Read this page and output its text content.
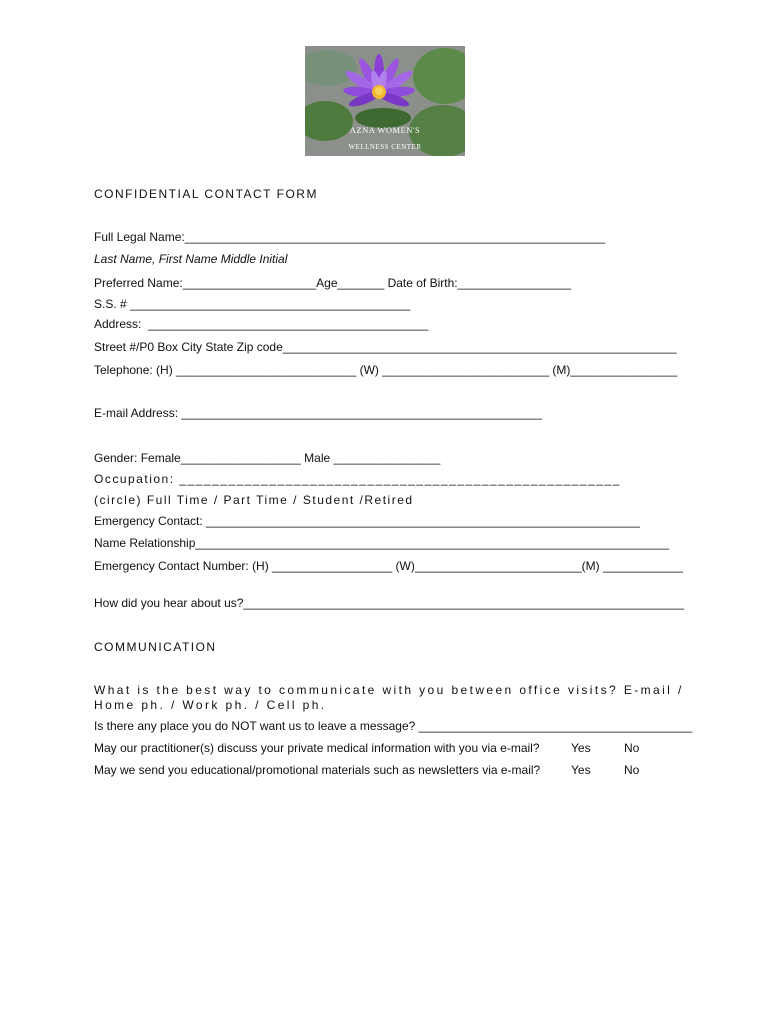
AZNA WOMEN'S
WELLNESS CENTER
CONFIDENTIAL CONTACT FORM
Full Legal Name:_______________________________________________________________
Last Name, First Name Middle Initial
Preferred Name:____________________Age_______ Date of Birth:_________________
S.S. # __________________________________________
Address:  __________________________________________
Street #/P0 Box City State Zip code___________________________________________________________
Telephone: (H) ___________________________ (W) _________________________ (M)________________
E-mail Address: ______________________________________________________
Gender: Female__________________ Male ________________
Occupation: ______________________________________________________
(circle) Full Time / Part Time / Student /Retired
Emergency Contact: _________________________________________________________________
Name Relationship_______________________________________________________________________
Emergency Contact Number: (H) __________________ (W)_________________________(M) ____________
How did you hear about us?__________________________________________________________________
COMMUNICATION
What is the best way to communicate with you between office visits? E-mail / Home ph. / Work ph. / Cell ph.
Is there any place you do NOT want us to leave a message? _________________________________________
May our practitioner(s) discuss your private medical information with you via e-mail?	Yes	No
May we send you educational/promotional materials such as newsletters via e-mail?	Yes	No
